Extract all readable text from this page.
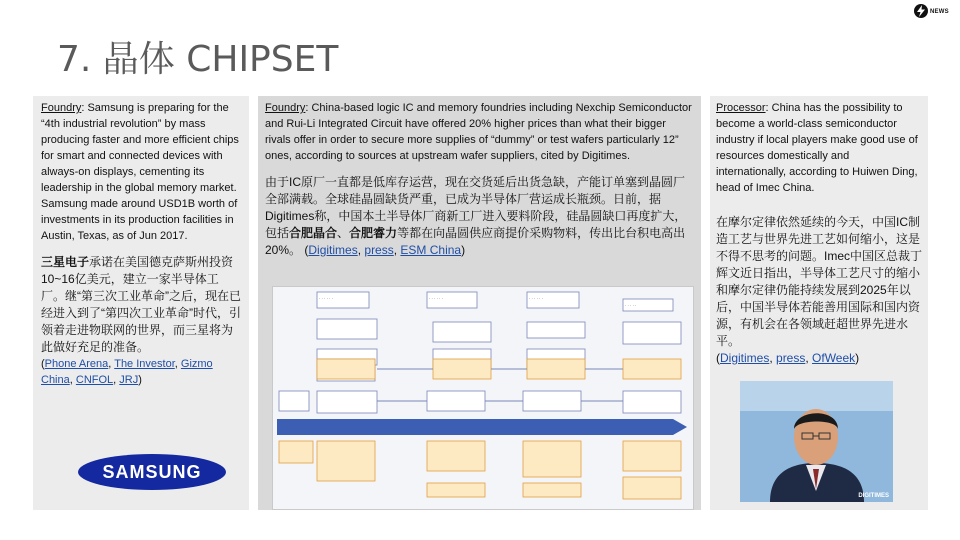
NEWS
7. 晶体 CHIPSET

Foundry: Samsung is preparing for the “4th industrial revolution” by mass producing faster and more efficient chips for smart and connected devices with always-on displays, cementing its leadership in the global memory market. Samsung made around USD1B worth of investments in its production facilities in Austin, Texas, as of Jun 2017.

三星电子承诺在美国德克萨斯州投资10~16亿美元，建立一家半导体工厂。继“第三次工业革命”之后，现在已经进入到了“第四次工业革命”时代，引领着走进物联网的世界，而三星将为此做好充足的准备。

(Phone Arena, The Investor, Gizmo China, CNFOL, JRJ)

SAMSUNG

Foundry: China-based logic IC and memory foundries including Nexchip Semiconductor and Rui-Li Integrated Circuit have offered 20% higher prices than what their bigger rivals offer in order to secure more supplies of “dummy” or test wafers particularly 12” ones, according to sources at upstream wafer suppliers, cited by Digitimes.

由于IC原厂一直都是低库存运营，现在交货延后出货急缺，产能订单塞到晶圆厂全部满载。全球硅晶圆缺货严重，已成为半导体厂营运成长瓶颈。日前，据Digitimes称，中国本土半导体厂商新工厂进入要料阶段，硅晶圆缺口再度扩大，包括合肥晶合、合肥睿力等都在向晶圆供应商提价采购物料，传出比台积电高出20%。 (Digitimes, press, ESM China)

· · · · · ·	· · · · · ·	· · · · · ·
· · · · ·

Processor: China has the possibility to become a world-class semiconductor industry if local players make good use of resources domestically and internationally, according to Huiwen Ding, head of Imec China.

在摩尔定律依然延续的今天，中国IC制造工艺与世界先进工艺如何缩小，这是不得不思考的问题。Imec中国区总裁丁辉文近日指出，半导体工艺尺寸的缩小和摩尔定律仍能持续发展到2025年以后，中国半导体若能善用国际和国内资源，有机会在各领域赶超世界先进水平。
(Digitimes, press, OfWeek)

DIGITIMES
